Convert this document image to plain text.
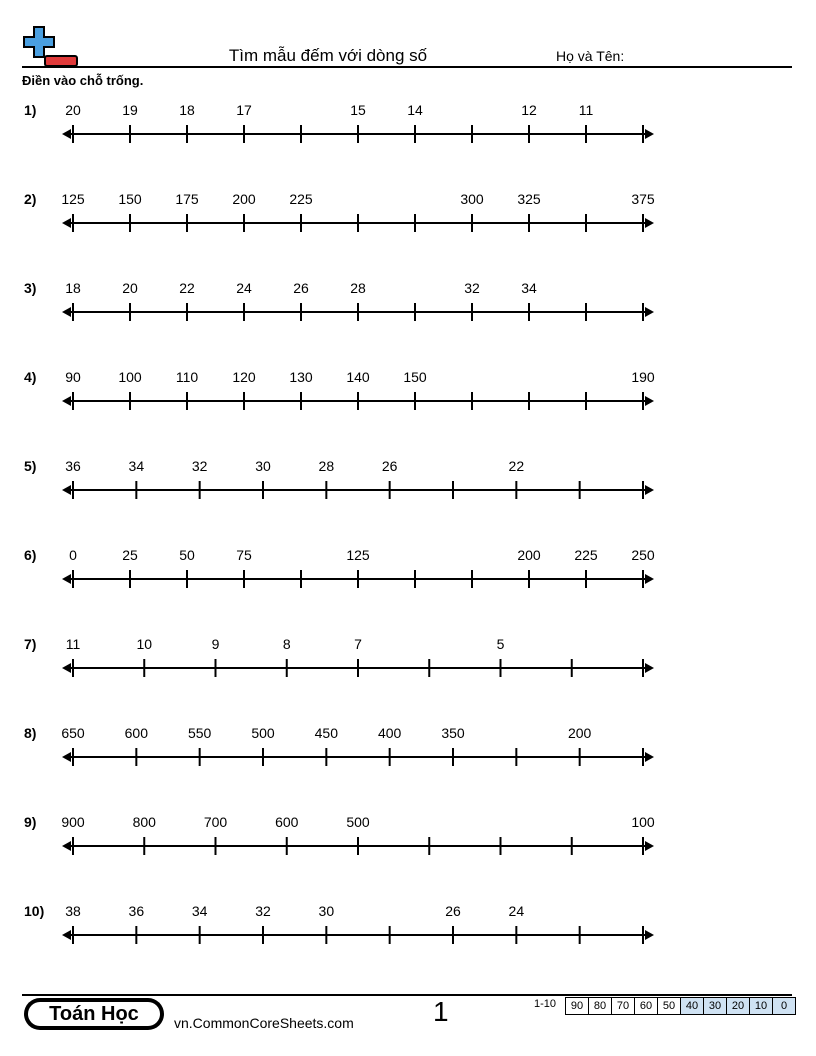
Tìm mẫu đếm với dòng số	Họ và Tên:
Điền vào chỗ trống.
1)	20	19	18	17	15	14	12	11
2)	125 150 175 200 225	300 325	375
3)	18	20	22	24	26	28	32	34
4)	90	100 110 120 130 140 150	190
5)	36	34	32	30	28	26	22
6)	0	25	50	75	125	200 225 250
7)	11	10	9	8	7	5
8)	650	600	550	500	450	400	350	200
9)	900	800	700	600	500	100
10) 38	36	34	32	30	26	24
Toán Học	vn.CommonCoreSheets.com	1	1-10	90 80 70 60 50 40 30 20 10	0
